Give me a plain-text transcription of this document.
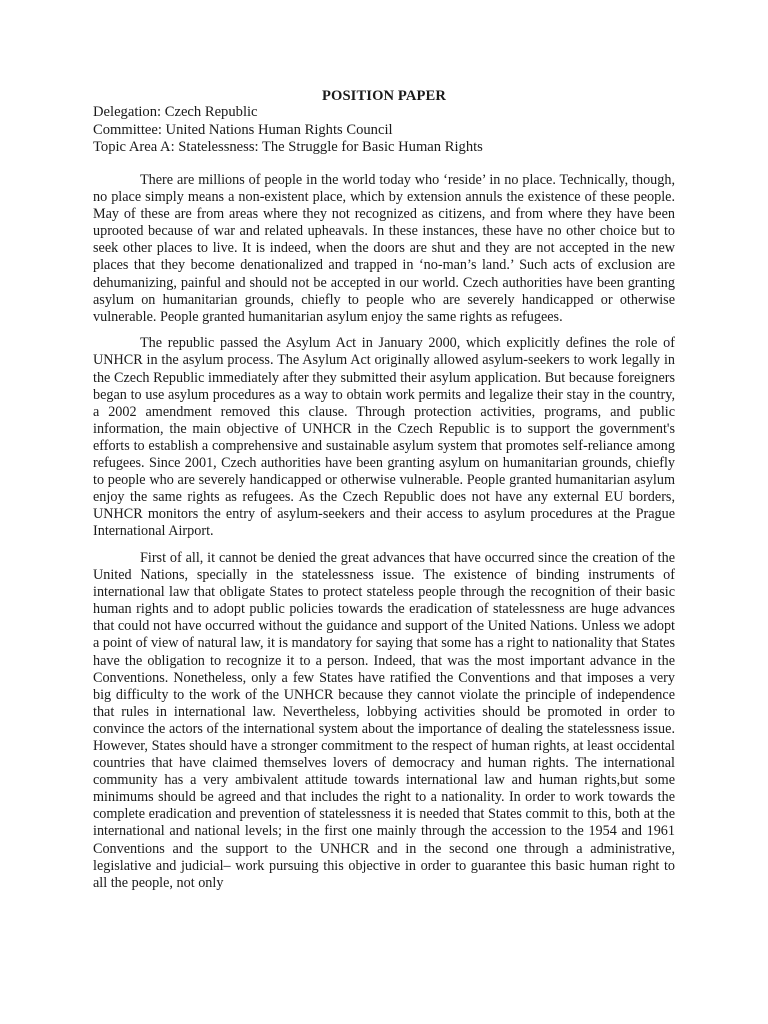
POSITION PAPER
Delegation: Czech Republic
Committee: United Nations Human Rights Council
Topic Area A: Statelessness: The Struggle for Basic Human Rights

There are millions of people in the world today who ‘reside’ in no place. Technically, though, no place simply means a non-existent place, which by extension annuls the existence of these people. May of these are from areas where they not recognized as citizens, and from where they have been uprooted because of war and related upheavals. In these instances, these have no other choice but to seek other places to live. It is indeed, when the doors are shut and they are not accepted in the new places that they become denationalized and trapped in ‘no-man’s land.’ Such acts of exclusion are dehumanizing, painful and should not be accepted in our world. Czech authorities have been granting asylum on humanitarian grounds, chiefly to people who are severely handicapped or otherwise vulnerable. People granted humanitarian asylum enjoy the same rights as refugees.

The republic passed the Asylum Act in January 2000, which explicitly defines the role of UNHCR in the asylum process. The Asylum Act originally allowed asylum-seekers to work legally in the Czech Republic immediately after they submitted their asylum application. But because foreigners began to use asylum procedures as a way to obtain work permits and legalize their stay in the country, a 2002 amendment removed this clause. Through protection activities, programs, and public information, the main objective of UNHCR in the Czech Republic is to support the government's efforts to establish a comprehensive and sustainable asylum system that promotes self-reliance among refugees. Since 2001, Czech authorities have been granting asylum on humanitarian grounds, chiefly to people who are severely handicapped or otherwise vulnerable. People granted humanitarian asylum enjoy the same rights as refugees. As the Czech Republic does not have any external EU borders, UNHCR monitors the entry of asylum-seekers and their access to asylum procedures at the Prague International Airport.

First of all, it cannot be denied the great advances that have occurred since the creation of the United Nations, specially in the statelessness issue. The existence of binding instruments of international law that obligate States to protect stateless people through the recognition of their basic human rights and to adopt public policies towards the eradication of statelessness are huge advances that could not have occurred without the guidance and support of the United Nations. Unless we adopt a point of view of natural law, it is mandatory for saying that some has a right to nationality that States have the obligation to recognize it to a person. Indeed, that was the most important advance in the Conventions. Nonetheless, only a few States have ratified the Conventions and that imposes a very big difficulty to the work of the UNHCR because they cannot violate the principle of independence that rules in international law. Nevertheless, lobbying activities should be promoted in order to convince the actors of the international system about the importance of dealing the statelessness issue. However, States should have a stronger commitment to the respect of human rights, at least occidental countries that have claimed themselves lovers of democracy and human rights. The international community has a very ambivalent attitude towards international law and human rights,but some minimums should be agreed and that includes the right to a nationality. In order to work towards the complete eradication and prevention of statelessness it is needed that States commit to this, both at the international and national levels; in the first one mainly through the accession to the 1954 and 1961 Conventions and the support to the UNHCR and in the second one through a administrative, legislative and judicial– work pursuing this objective in order to guarantee this basic human right to all the people, not only
